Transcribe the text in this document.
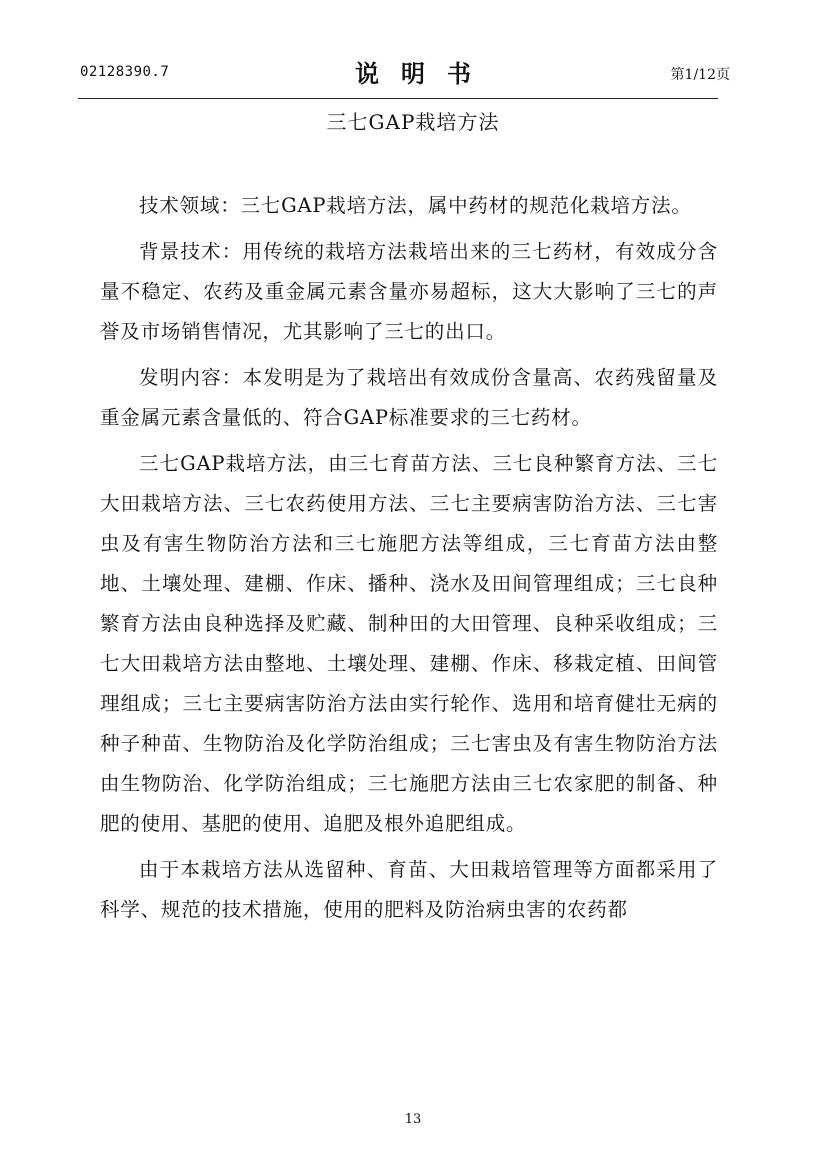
02128390.7	说明书	第1/12页
三七GAP栽培方法

技术领域：三七GAP栽培方法，属中药材的规范化栽培方法。

背景技术：用传统的栽培方法栽培出来的三七药材，有效成分含量不稳定、农药及重金属元素含量亦易超标，这大大影响了三七的声誉及市场销售情况，尤其影响了三七的出口。

发明内容：本发明是为了栽培出有效成份含量高、农药残留量及重金属元素含量低的、符合GAP标准要求的三七药材。

三七GAP栽培方法，由三七育苗方法、三七良种繁育方法、三七大田栽培方法、三七农药使用方法、三七主要病害防治方法、三七害虫及有害生物防治方法和三七施肥方法等组成，三七育苗方法由整地、土壤处理、建棚、作床、播种、浇水及田间管理组成；三七良种繁育方法由良种选择及贮藏、制种田的大田管理、良种采收组成；三七大田栽培方法由整地、土壤处理、建棚、作床、移栽定植、田间管理组成；三七主要病害防治方法由实行轮作、选用和培育健壮无病的种子种苗、生物防治及化学防治组成；三七害虫及有害生物防治方法由生物防治、化学防治组成；三七施肥方法由三七农家肥的制备、种肥的使用、基肥的使用、追肥及根外追肥组成。

由于本栽培方法从选留种、育苗、大田栽培管理等方面都采用了科学、规范的技术措施，使用的肥料及防治病虫害的农药都

13
